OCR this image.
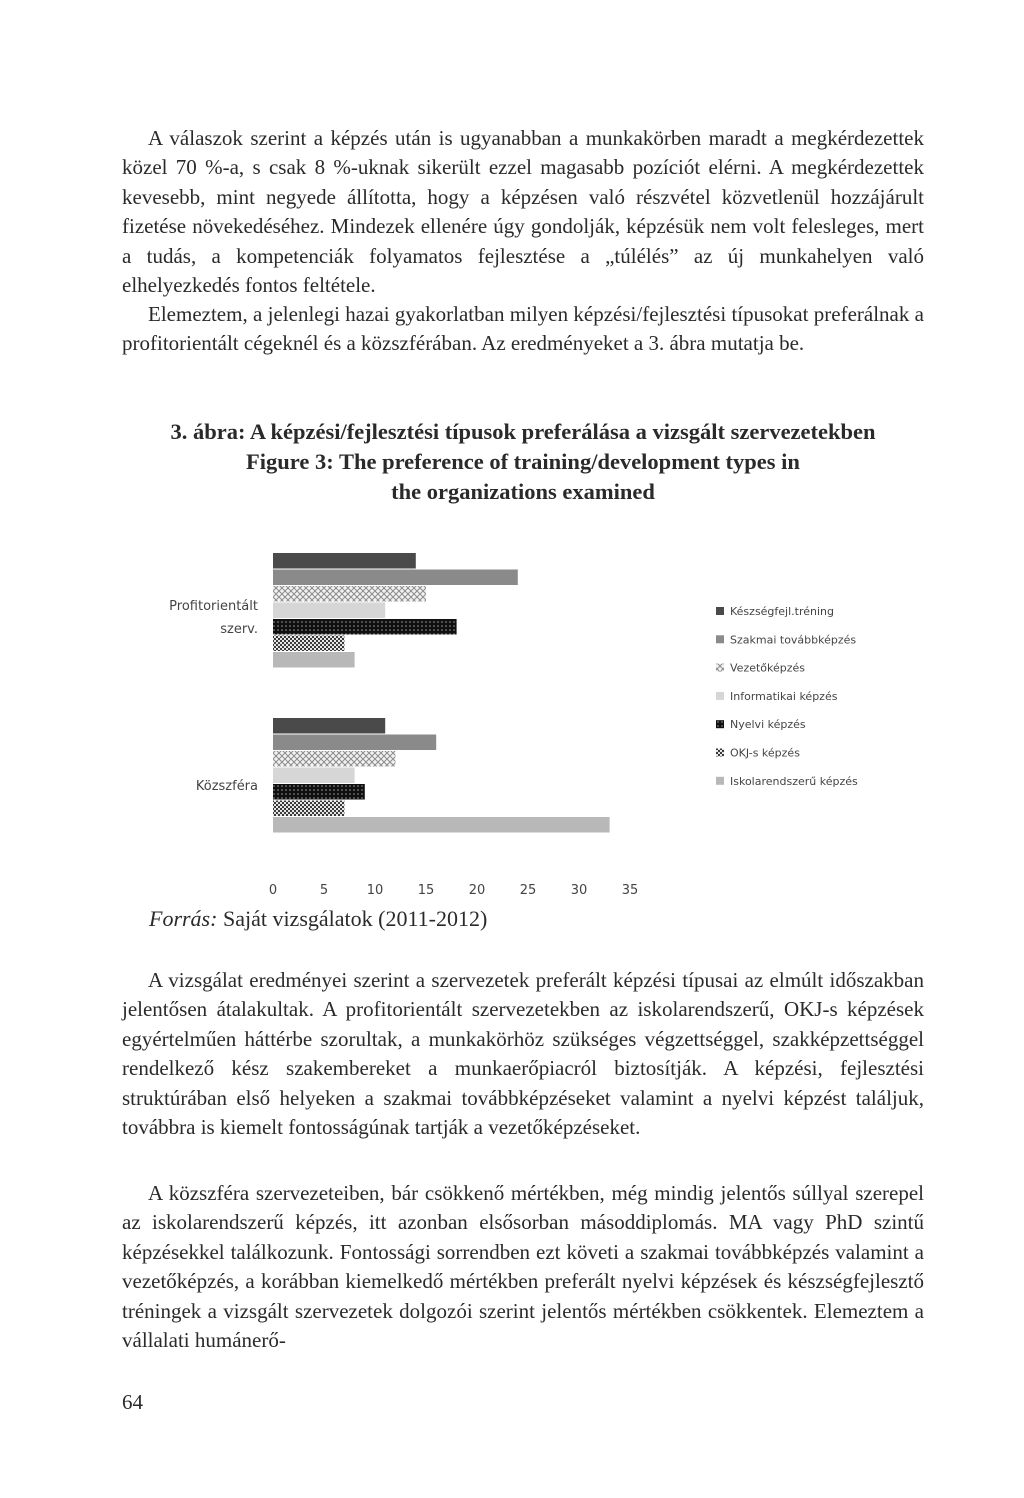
A válaszok szerint a képzés után is ugyanabban a munkakörben maradt a megkérdezettek közel 70 %-a, s csak 8 %-uknak sikerült ezzel magasabb pozíciót elérni. A megkérdezettek kevesebb, mint negyede állította, hogy a képzésen való részvétel közvetlenül hozzájárult fizetése növekedéséhez. Mindezek ellenére úgy gondolják, képzésük nem volt felesleges, mert a tudás, a kompetenciák folyamatos fejlesztése a „túlélés” az új munkahelyen való elhelyezkedés fontos feltétele.

Elemeztem, a jelenlegi hazai gyakorlatban milyen képzési/fejlesztési típusokat preferálnak a profitorientált cégeknél és a közszférában. Az eredményeket a 3. ábra mutatja be.

3. ábra: A képzési/fejlesztési típusok preferálása a vizsgált szervezetekben

Figure 3: The preference of training/development types in the organizations examined

Profitorientált
szerv.
Közszféra
0	5	10	15	20	25	30	35
Készségfejl.tréning
Szakmai továbbképzés
Vezetőképzés
Informatikai képzés
Nyelvi képzés
OKJ-s képzés
Iskolarendszerű képzés

Forrás: Saját vizsgálatok (2011-2012)

A vizsgálat eredményei szerint a szervezetek preferált képzési típusai az elmúlt időszakban jelentősen átalakultak. A profitorientált szervezetekben az iskolarendszerű, OKJ-s képzések egyértelműen háttérbe szorultak, a munkakörhöz szükséges végzettséggel, szakképzettséggel rendelkező kész szakembereket a munkaerőpiacról biztosítják. A képzési, fejlesztési struktúrában első helyeken a szakmai továbbképzéseket valamint a nyelvi képzést találjuk, továbbra is kiemelt fontosságúnak tartják a vezetőképzéseket.

A közszféra szervezeteiben, bár csökkenő mértékben, még mindig jelentős súllyal szerepel az iskolarendszerű képzés, itt azonban elsősorban másoddiplomás. MA vagy PhD szintű képzésekkel találkozunk. Fontossági sorrendben ezt követi a szakmai továbbképzés valamint a vezetőképzés, a korábban kiemelkedő mértékben preferált nyelvi képzések és készségfejlesztő tréningek a vizsgált szervezetek dolgozói szerint jelentős mértékben csökkentek. Elemeztem a vállalati humánerő-

64
